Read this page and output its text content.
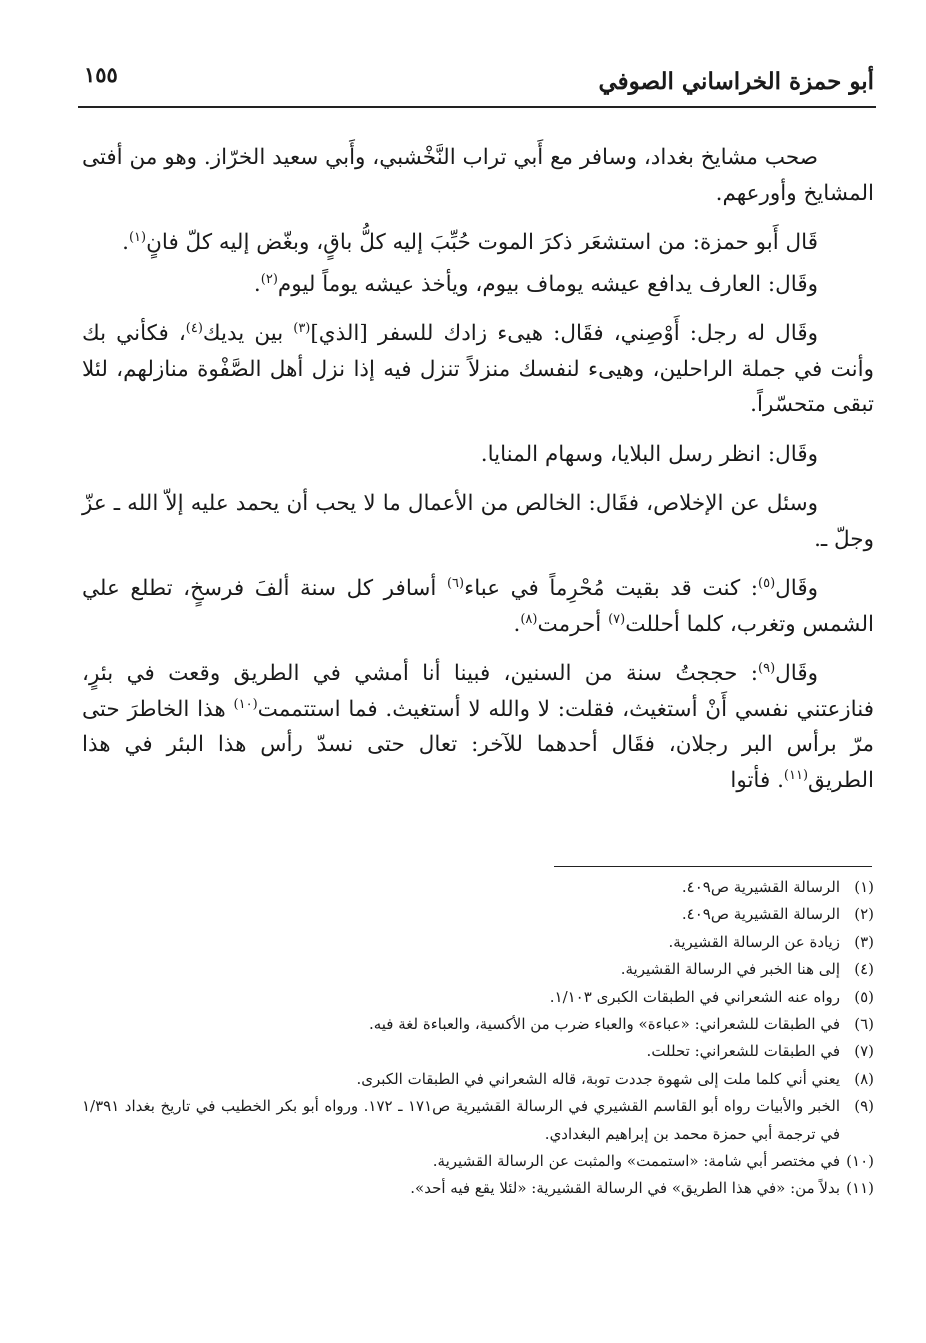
أبو حمزة الخراساني الصوفي
١٥٥

صحب مشايخ بغداد، وسافر مع أَبي تراب النَّخْشبي، وأَبي سعيد الخرّاز. وهو من أفتى المشايخ وأورعهم.

قَال أَبو حمزة: من استشعَر ذكرَ الموت حُبِّبَ إليه كلُّ باقٍ، وبغّض إليه كلّ فانٍ$^{(١)}$.

وقَال: العارف يدافع عيشه يوماف بيوم، ويأخذ عيشه يوماً ليوم$^{(٢)}$.

وقَال له رجل: أَوْصِني، فقَال: هيىء زادك للسفر [الذي]$^{(٣)}$ بين يديك$^{(٤)}$، فكأني بك وأنت في جملة الراحلين، وهيىء لنفسك منزلاً تنزل فيه إذا نزل أهل الصَّفْوة منازلهم، لئلا تبقى متحسّراً.

وقَال: انظر رسل البلايا، وسهام المنايا.

وسئل عن الإخلاص، فقَال: الخالص من الأعمال ما لا يحب أن يحمد عليه إلاّ الله ـ عزّ وجلّ ـ.

وقَال$^{(٥)}$: كنت قد بقيت مُحْرِماً في عباء$^{(٦)}$ أسافر كل سنة ألفَ فرسخٍ، تطلع علي الشمس وتغرب، كلما أحللت$^{(٧)}$ أحرمت$^{(٨)}$.

وقَال$^{(٩)}$: حججتُ سنة من السنين، فبينا أنا أمشي في الطريق وقعت في بئرٍ، فنازعتني نفسي أَنْ أستغيث، فقلت: لا والله لا أستغيث. فما استتممت$^{(١٠)}$ هذا الخاطرَ حتى مرّ برأس البر رجلان، فقَال أحدهما للآخر: تعال حتى نسدّ رأس هذا البئر في هذا الطريق$^{(١١)}$. فأتوا

(١)
الرسالة القشيرية ص٤٠٩.
(٢)
الرسالة القشيرية ص٤٠٩.
(٣)
زيادة عن الرسالة القشيرية.
(٤)
إلى هنا الخبر في الرسالة القشيرية.
(٥)
رواه عنه الشعراني في الطبقات الكبرى ١/١٠٣.
(٦)
في الطبقات للشعراني: «عباءة» والعباء ضرب من الأكسية، والعباءة لغة فيه.
(٧)
في الطبقات للشعراني: تحللت.
(٨)
يعني أني كلما ملت إلى شهوة جددت توبة، قاله الشعراني في الطبقات الكبرى.
(٩)
الخبر والأبيات رواه أبو القاسم القشيري في الرسالة القشيرية ص١٧١ ـ ١٧٢. ورواه أبو بكر الخطيب في تاريخ بغداد ١/٣٩١ في ترجمة أبي حمزة محمد بن إبراهيم البغدادي.
(١٠)
في مختصر أبي شامة: «استممت» والمثبت عن الرسالة القشيرية.
(١١)
بدلاً من: «في هذا الطريق» في الرسالة القشيرية: «لئلا يقع فيه أحد».
